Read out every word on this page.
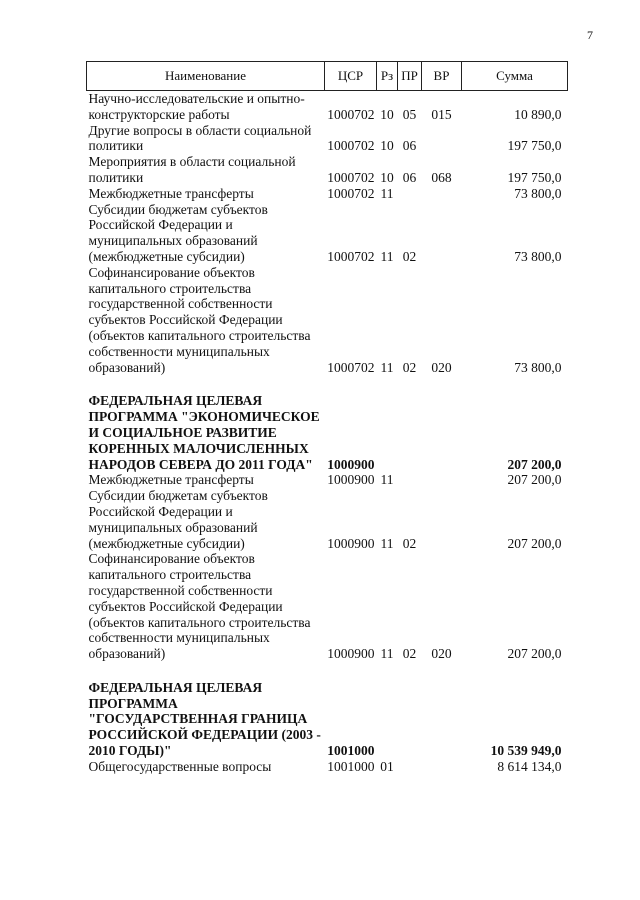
7
Наименование	ЦСР	Рз	ПР	ВР	Сумма
Научно-исследовательские и опытно-конструкторские работы	1000702	10	05	015	10 890,0
Другие вопросы в области социальной политики	1000702	10	06		197 750,0
Мероприятия в области социальной политики	1000702	10	06	068	197 750,0
Межбюджетные трансферты	1000702	11			73 800,0
Субсидии бюджетам субъектов Российской Федерации и муниципальных образований (межбюджетные субсидии)	1000702	11	02		73 800,0
Софинансирование объектов капитального строительства государственной собственности субъектов Российской Федерации (объектов капитального строительства собственности муниципальных образований)	1000702	11	02	020	73 800,0
ФЕДЕРАЛЬНАЯ ЦЕЛЕВАЯ ПРОГРАММА "ЭКОНОМИЧЕСКОЕ И СОЦИАЛЬНОЕ РАЗВИТИЕ КОРЕННЫХ МАЛОЧИСЛЕННЫХ НАРОДОВ СЕВЕРА ДО 2011 ГОДА"	1000900				207 200,0
Межбюджетные трансферты	1000900	11			207 200,0
Субсидии бюджетам субъектов Российской Федерации и муниципальных образований (межбюджетные субсидии)	1000900	11	02		207 200,0
Софинансирование объектов капитального строительства государственной собственности субъектов Российской Федерации (объектов капитального строительства собственности муниципальных образований)	1000900	11	02	020	207 200,0
ФЕДЕРАЛЬНАЯ ЦЕЛЕВАЯ ПРОГРАММА "ГОСУДАРСТВЕННАЯ ГРАНИЦА РОССИЙСКОЙ ФЕДЕРАЦИИ (2003 - 2010 ГОДЫ)"	1001000				10 539 949,0
Общегосударственные вопросы	1001000	01			8 614 134,0
